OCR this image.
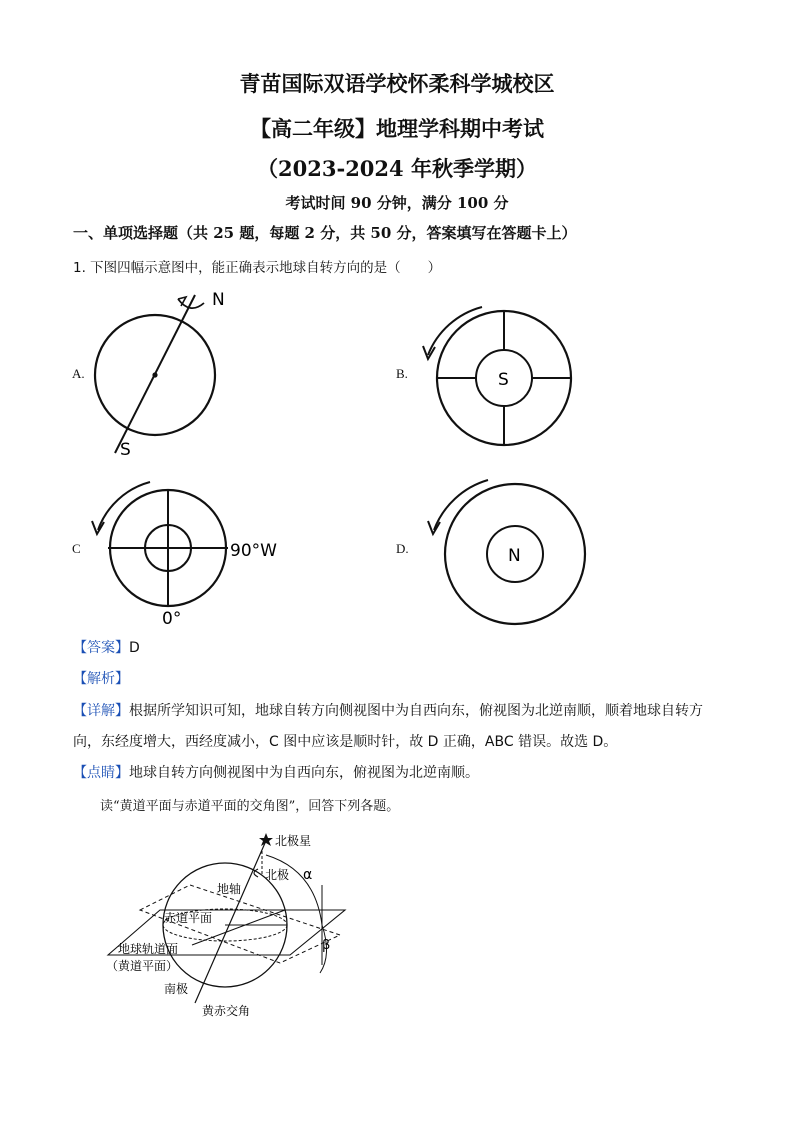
青苗国际双语学校怀柔科学城校区
【高二年级】地理学科期中考试
（2023-2024 年秋季学期）
考试时间 90 分钟，满分 100 分
一、单项选择题（共 25 题，每题 2 分，共 50 分，答案填写在答题卡上）
1. 下图四幅示意图中，能正确表示地球自转方向的是（　　）
A.
N
S
B.	S
C	90°W
0°
D.	N
【答案】D
【解析】
【详解】根据所学知识可知，地球自转方向侧视图中为自西向东，俯视图为北逆南顺，顺着地球自转方
向，东经度增大，西经度减小，C 图中应该是顺时针，故 D 正确，ABC 错误。故选 D。
【点睛】地球自转方向侧视图中为自西向东，俯视图为北逆南顺。
读“黄道平面与赤道平面的交角图”，回答下列各题。
北极星
北极 α
地轴
赤道平面
β
地球轨道面
（黄道平面）
南极
黄赤交角
